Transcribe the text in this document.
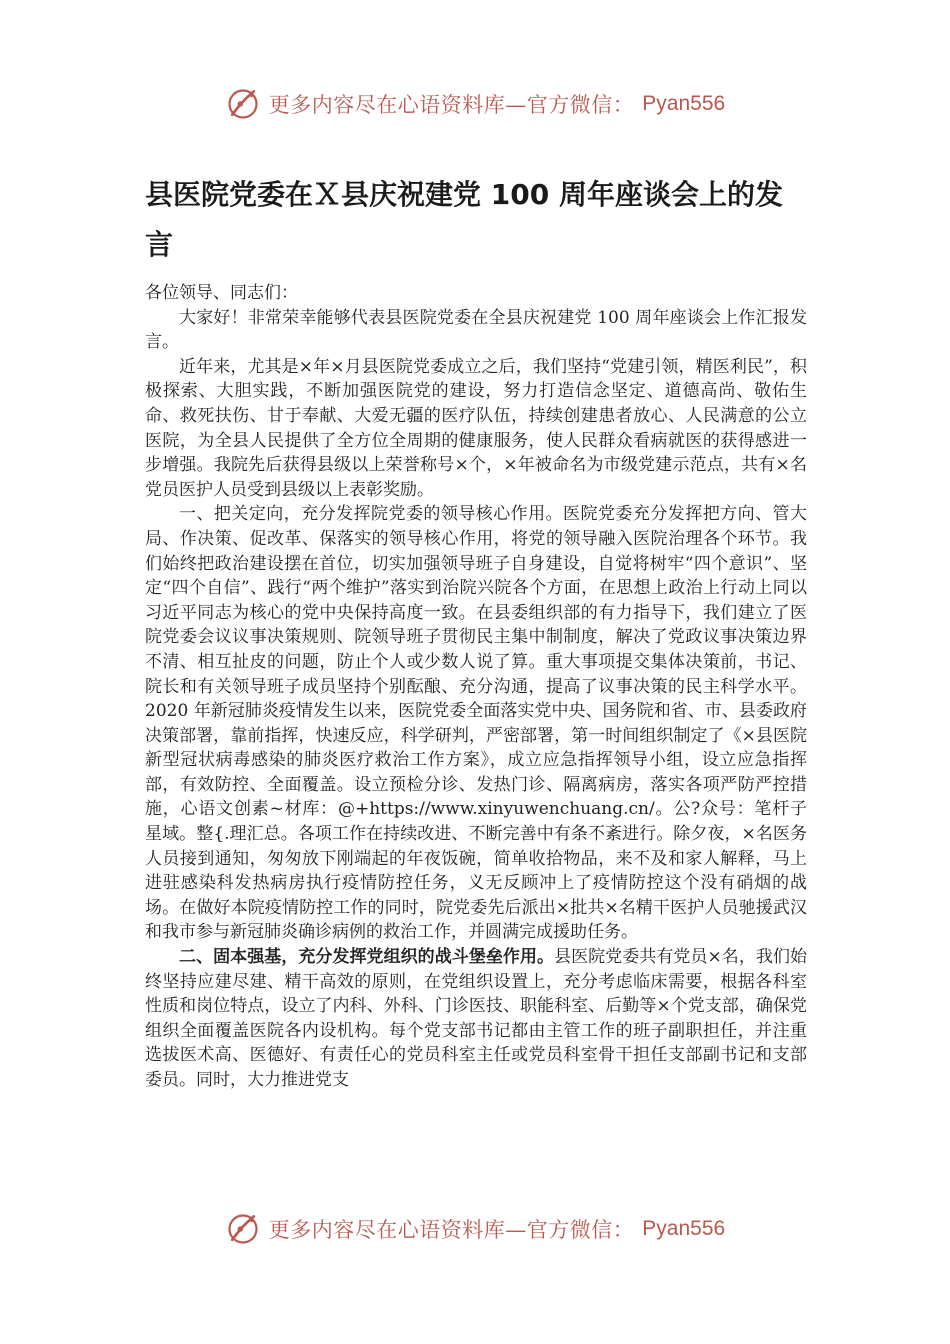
更多内容尽在心语资料库—官方微信： Pyan556
县医院党委在Ｘ县庆祝建党 100 周年座谈会上的发言

各位领导、同志们：

大家好！非常荣幸能够代表县医院党委在全县庆祝建党 100 周年座谈会上作汇报发言。

近年来，尤其是×年×月县医院党委成立之后，我们坚持“党建引领，精医利民”，积极探索、大胆实践，不断加强医院党的建设，努力打造信念坚定、道德高尚、敬佑生命、救死扶伤、甘于奉献、大爱无疆的医疗队伍，持续创建患者放心、人民满意的公立医院，为全县人民提供了全方位全周期的健康服务，使人民群众看病就医的获得感进一步增强。我院先后获得县级以上荣誉称号×个，×年被命名为市级党建示范点，共有×名党员医护人员受到县级以上表彰奖励。

一、把关定向，充分发挥院党委的领导核心作用。医院党委充分发挥把方向、管大局、作决策、促改革、保落实的领导核心作用，将党的领导融入医院治理各个环节。我们始终把政治建设摆在首位，切实加强领导班子自身建设，自觉将树牢“四个意识”、坚定“四个自信”、践行“两个维护”落实到治院兴院各个方面，在思想上政治上行动上同以习近平同志为核心的党中央保持高度一致。在县委组织部的有力指导下，我们建立了医院党委会议议事决策规则、院领导班子贯彻民主集中制制度，解决了党政议事决策边界不清、相互扯皮的问题，防止个人或少数人说了算。重大事项提交集体决策前，书记、院长和有关领导班子成员坚持个别酝酿、充分沟通，提高了议事决策的民主科学水平。2020 年新冠肺炎疫情发生以来，医院党委全面落实党中央、国务院和省、市、县委政府决策部署，靠前指挥，快速反应，科学研判，严密部署，第一时间组织制定了《×县医院新型冠状病毒感染的肺炎医疗救治工作方案》，成立应急指挥领导小组，设立应急指挥部，有效防控、全面覆盖。设立预检分诊、发热门诊、隔离病房，落实各项严防严控措施，心语文创素~材库：@+https://www.xinyuwenchuang.cn/。公?众号：笔杆子星域。整{.理汇总。各项工作在持续改进、不断完善中有条不紊进行。除夕夜，×名医务人员接到通知，匆匆放下刚端起的年夜饭碗，简单收拾物品，来不及和家人解释，马上进驻感染科发热病房执行疫情防控任务，义无反顾冲上了疫情防控这个没有硝烟的战场。在做好本院疫情防控工作的同时，院党委先后派出×批共×名精干医护人员驰援武汉和我市参与新冠肺炎确诊病例的救治工作，并圆满完成援助任务。

二、固本强基，充分发挥党组织的战斗堡垒作用。县医院党委共有党员×名，我们始终坚持应建尽建、精干高效的原则，在党组织设置上，充分考虑临床需要，根据各科室性质和岗位特点，设立了内科、外科、门诊医技、职能科室、后勤等×个党支部，确保党组织全面覆盖医院各内设机构。每个党支部书记都由主管工作的班子副职担任，并注重选拔医术高、医德好、有责任心的党员科室主任或党员科室骨干担任支部副书记和支部委员。同时，大力推进党支

更多内容尽在心语资料库—官方微信： Pyan556
